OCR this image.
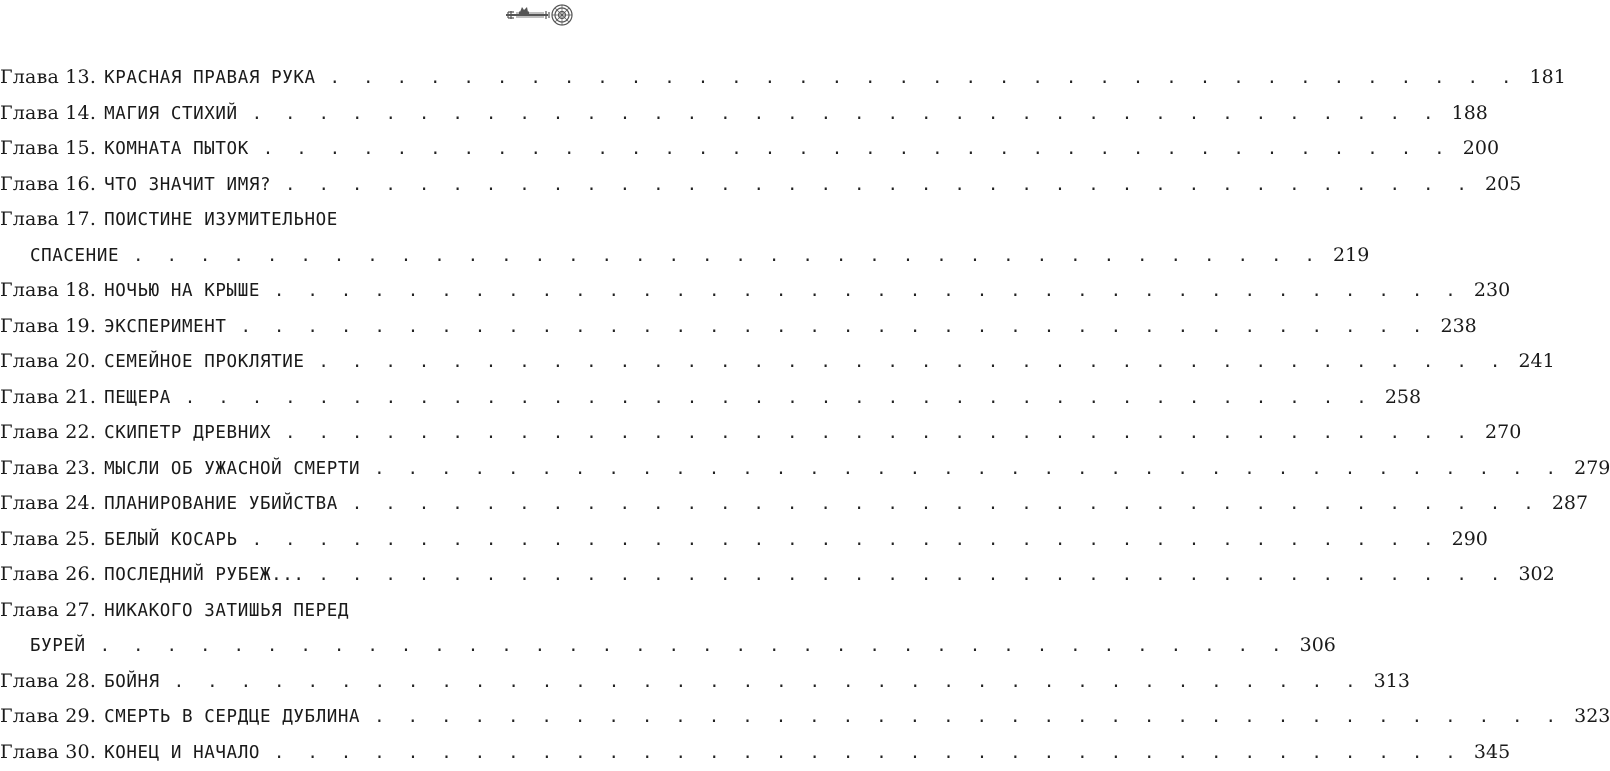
Глава 13. КРАСНАЯ ПРАВАЯ РУКА . . . . . . . . . . . . . . . . . . . . . . . . . . . . . . . . . . . . 181
Глава 14. МАГИЯ СТИХИЙ . . . . . . . . . . . . . . . . . . . . . . . . . . . . . . . . . . . . 188
Глава 15. КОМНАТА ПЫТОК . . . . . . . . . . . . . . . . . . . . . . . . . . . . . . . . . . . . 200
Глава 16. ЧТО ЗНАЧИТ ИМЯ? . . . . . . . . . . . . . . . . . . . . . . . . . . . . . . . . . . . . 205
Глава 17. ПОИСТИНЕ ИЗУМИТЕЛЬНОЕ
СПАСЕНИЕ . . . . . . . . . . . . . . . . . . . . . . . . . . . . . . . . . . . . 219
Глава 18. НОЧЬЮ НА КРЫШЕ . . . . . . . . . . . . . . . . . . . . . . . . . . . . . . . . . . . . 230
Глава 19. ЭКСПЕРИМЕНТ . . . . . . . . . . . . . . . . . . . . . . . . . . . . . . . . . . . . 238
Глава 20. СЕМЕЙНОЕ ПРОКЛЯТИЕ . . . . . . . . . . . . . . . . . . . . . . . . . . . . . . . . . . . . 241
Глава 21. ПЕЩЕРА . . . . . . . . . . . . . . . . . . . . . . . . . . . . . . . . . . . . 258
Глава 22. СКИПЕТР ДРЕВНИХ . . . . . . . . . . . . . . . . . . . . . . . . . . . . . . . . . . . . 270
Глава 23. МЫСЛИ ОБ УЖАСНОЙ СМЕРТИ . . . . . . . . . . . . . . . . . . . . . . . . . . . . . . . . . . . . 279
Глава 24. ПЛАНИРОВАНИЕ УБИЙСТВА . . . . . . . . . . . . . . . . . . . . . . . . . . . . . . . . . . . . 287
Глава 25. БЕЛЫЙ КОСАРЬ . . . . . . . . . . . . . . . . . . . . . . . . . . . . . . . . . . . . 290
Глава 26. ПОСЛЕДНИЙ РУБЕЖ... . . . . . . . . . . . . . . . . . . . . . . . . . . . . . . . . . . . . 302
Глава 27. НИКАКОГО ЗАТИШЬЯ ПЕРЕД
БУРЕЙ . . . . . . . . . . . . . . . . . . . . . . . . . . . . . . . . . . . . 306
Глава 28. БОЙНЯ . . . . . . . . . . . . . . . . . . . . . . . . . . . . . . . . . . . . 313
Глава 29. СМЕРТЬ В СЕРДЦЕ ДУБЛИНА . . . . . . . . . . . . . . . . . . . . . . . . . . . . . . . . . . . . 323
Глава 30. КОНЕЦ И НАЧАЛО . . . . . . . . . . . . . . . . . . . . . . . . . . . . . . . . . . . . 345
